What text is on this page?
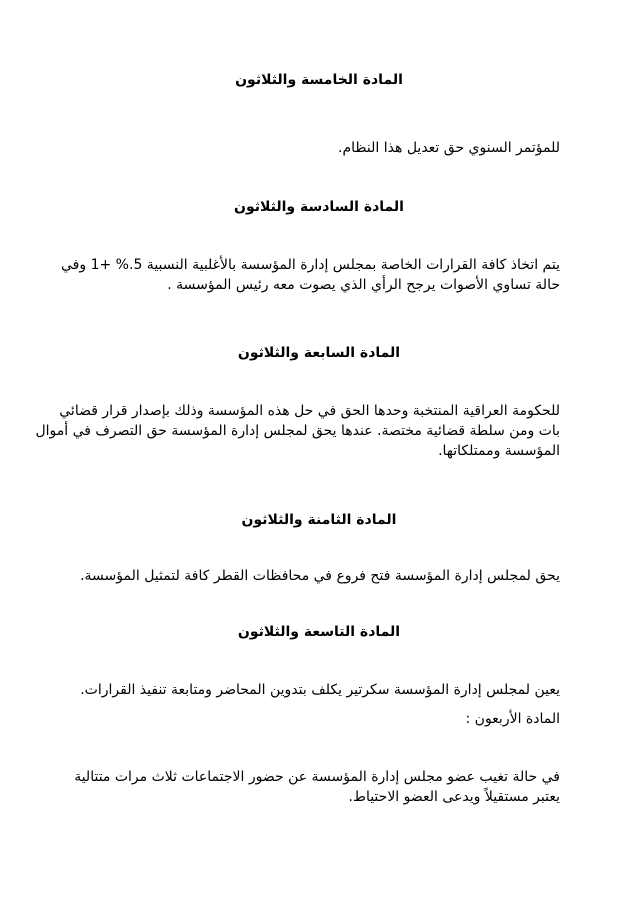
المادة الخامسة والثلاثون
للمؤتمر السنوي حق تعديل هذا النظام.
المادة السادسة والثلاثون
يتم اتخاذ كافة القرارات الخاصة بمجلس إدارة المؤسسة بالأغلبية النسبية 5.% +1 وفي
حالة تساوي الأصوات يرجح الرأي الذي يصوت معه رئيس المؤسسة .
المادة السابعة والثلاثون
للحكومة العراقية المنتخبة وحدها الحق في حل هذه المؤسسة وذلك بإصدار قرار قضائي
بات ومن سلطة قضائية مختصة. عندها يحق لمجلس إدارة المؤسسة حق التصرف في أموال
المؤسسة وممتلكاتها.
المادة الثامنة والثلاثون
يحق لمجلس إدارة المؤسسة فتح فروع في محافظات القطر كافة لتمثيل المؤسسة.
المادة التاسعة والثلاثون
يعين لمجلس إدارة المؤسسة سكرتير يكلف بتدوين المحاضر ومتابعة تنفيذ القرارات.
المادة الأربعون :
في حالة تغيب عضو مجلس إدارة المؤسسة عن حضور الاجتماعات ثلاث مرات متتالية
يعتبر مستقيلاً ويدعى العضو الاحتياط.
